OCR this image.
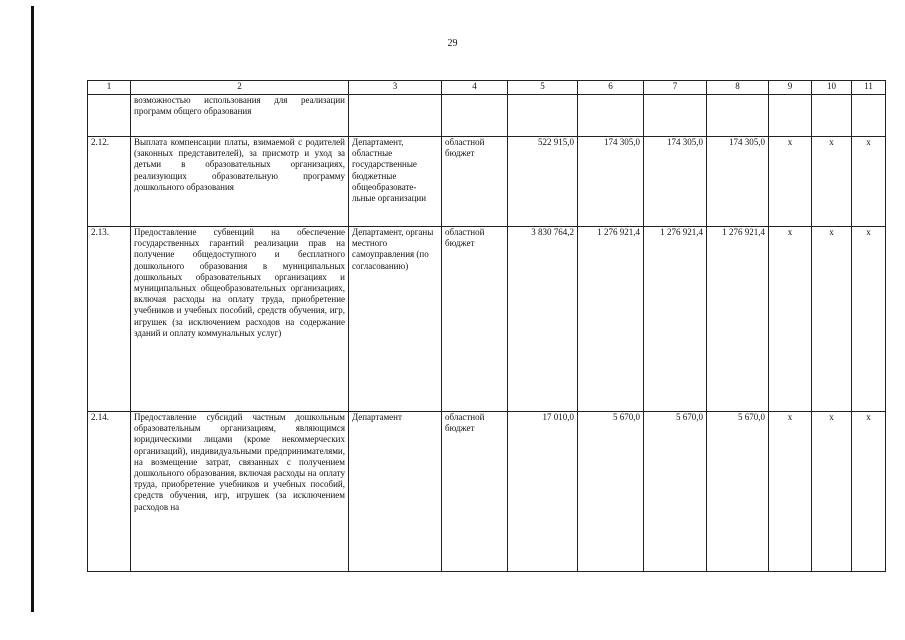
29
1	2	3	4	5	6	7	8	9	10	11
	возможностью использования для реализации программ общего образования									
2.12.	Выплата компенсации платы, взимаемой с родителей (законных представителей), за присмотр и уход за детьми в образовательных организациях, реализующих образовательную программу дошкольного образования	Департамент, областные государственные бюджетные общеобразовате-льные организации	областной бюджет	522 915,0	174 305,0	174 305,0	174 305,0	х	х	х
2.13.	Предоставление субвенций на обеспечение государственных гарантий реализации прав на получение общедоступного и бесплатного дошкольного образования в муниципальных дошкольных образовательных организациях и муниципальных общеобразовательных организациях, включая расходы на оплату труда, приобретение учебников и учебных пособий, средств обучения, игр, игрушек (за исключением расходов на содержание зданий и оплату коммунальных услуг)	Департамент, органы местного самоуправления (по согласованию)	областной бюджет	3 830 764,2	1 276 921,4	1 276 921,4	1 276 921,4	х	х	х
2.14.	Предоставление субсидий частным дошкольным образовательным организациям, являющимся юридическими лицами (кроме некоммерческих организаций), индивидуальными предпринимателями, на возмещение затрат, связанных с получением дошкольного образования, включая расходы на оплату труда, приобретение учебников и учебных пособий, средств обучения, игр, игрушек (за исключением расходов на	Департамент	областной бюджет	17 010,0	5 670,0	5 670,0	5 670,0	х	х	х
